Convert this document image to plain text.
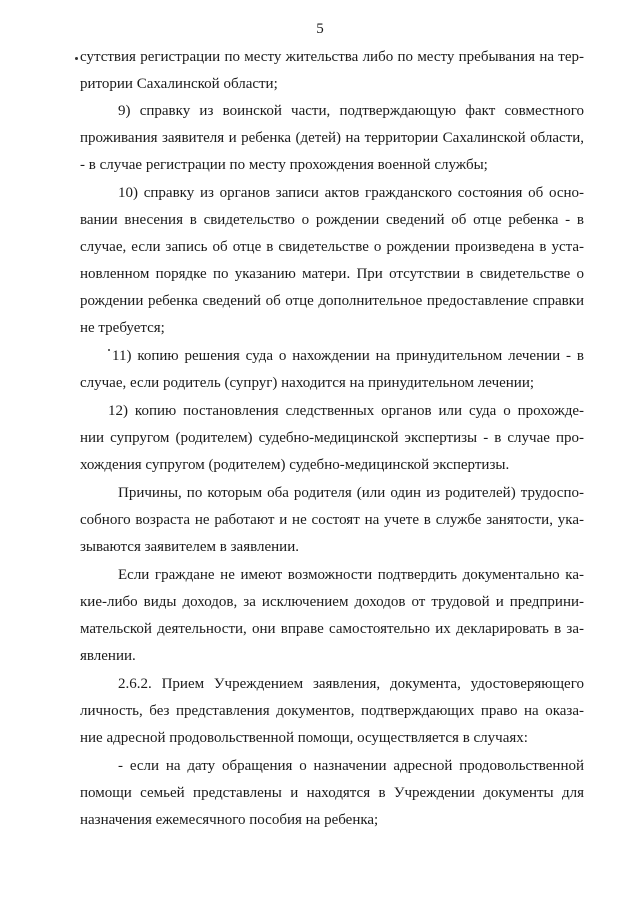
5
сутствия регистрации по месту жительства либо по месту пребывания на тер-
ритории Сахалинской области;
9) справку из воинской части, подтверждающую факт совместного
проживания заявителя и ребенка (детей) на территории Сахалинской области,
- в случае регистрации по месту прохождения военной службы;
10) справку из органов записи актов гражданского состояния об осно-
вании внесения в свидетельство о рождении сведений об отце ребенка - в
случае, если запись об отце в свидетельстве о рождении произведена в уста-
новленном порядке по указанию матери. При отсутствии в свидетельстве о
рождении ребенка сведений об отце дополнительное предоставление справки
не требуется;
11) копию решения суда о нахождении на принудительном лечении - в
случае, если родитель (супруг) находится на принудительном лечении;
12) копию постановления следственных органов или суда о прохожде-
нии супругом (родителем) судебно-медицинской экспертизы - в случае про-
хождения супругом (родителем) судебно-медицинской экспертизы.
Причины, по которым оба родителя (или один из родителей) трудоспо-
собного возраста не работают и не состоят на учете в службе занятости, ука-
зываются заявителем в заявлении.
Если граждане не имеют возможности подтвердить документально ка-
кие-либо виды доходов, за исключением доходов от трудовой и предприни-
мательской деятельности, они вправе самостоятельно их декларировать в за-
явлении.
2.6.2. Прием Учреждением заявления, документа, удостоверяющего
личность, без представления документов, подтверждающих право на оказа-
ние адресной продовольственной помощи, осуществляется в случаях:
- если на дату обращения о назначении адресной продовольственной
помощи семьей представлены и находятся в Учреждении документы для
назначения ежемесячного пособия на ребенка;
